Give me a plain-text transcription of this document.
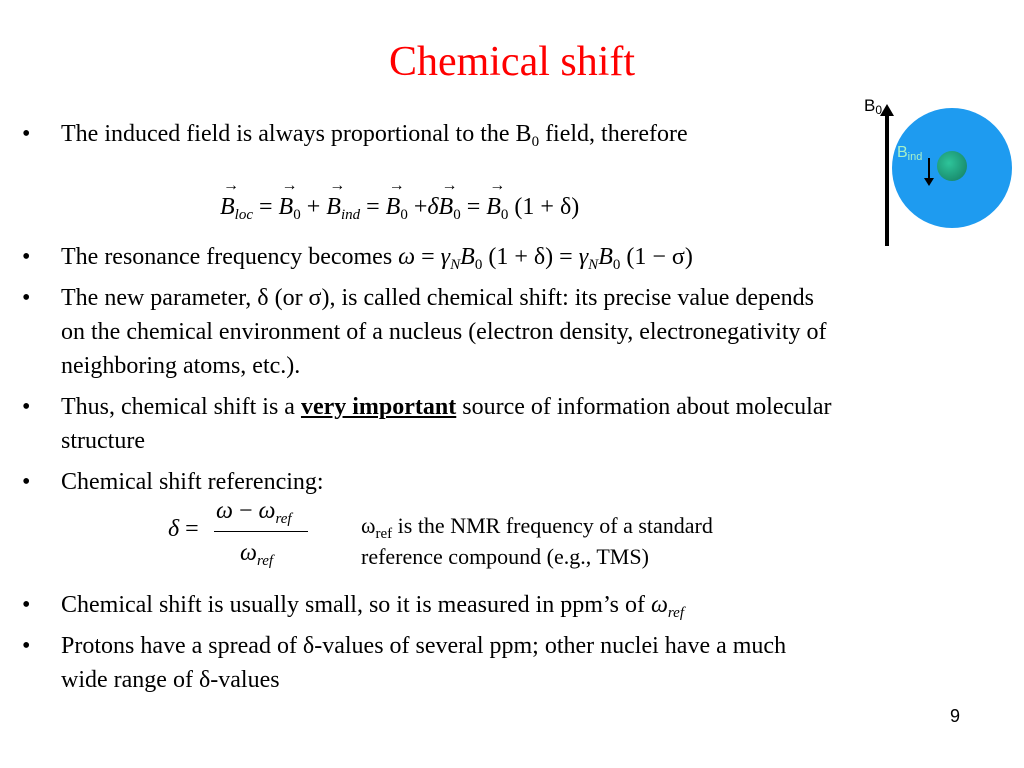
Chemical shift
$B_0$
$B_{ind}$
• The induced field is always proportional to the $B_0$ field, therefore
→ $B_{loc}$ = → $B_0$ + → $B_{ind}$ = → $B_0 +\delta\to B_0$ = → $B_0$ (1 + δ)
• The resonance frequency becomes $\omega = \gamma_NB_0$ $(1 + \delta) = \gamma_NB_0$ (1 − σ)
• The new parameter, δ (or σ), is called chemical shift: its precise value depends
on the chemical environment of a nucleus (electron density, electronegativity of
neighboring atoms, etc.).
• Thus, chemical shift is a very important source of information about molecular
structure
• Chemical shift referencing:
δ =
$\omega - \omega_{ref}$
$\omega_{ref}$
$\omega_{ref}$ is the NMR frequency of a standard
reference compound (e.g., TMS)
• Chemical shift is usually small, so it is measured in ppm’s of $\omega_{ref}$
• Protons have a spread of δ-values of several ppm; other nuclei have a much
wide range of δ-values
9
